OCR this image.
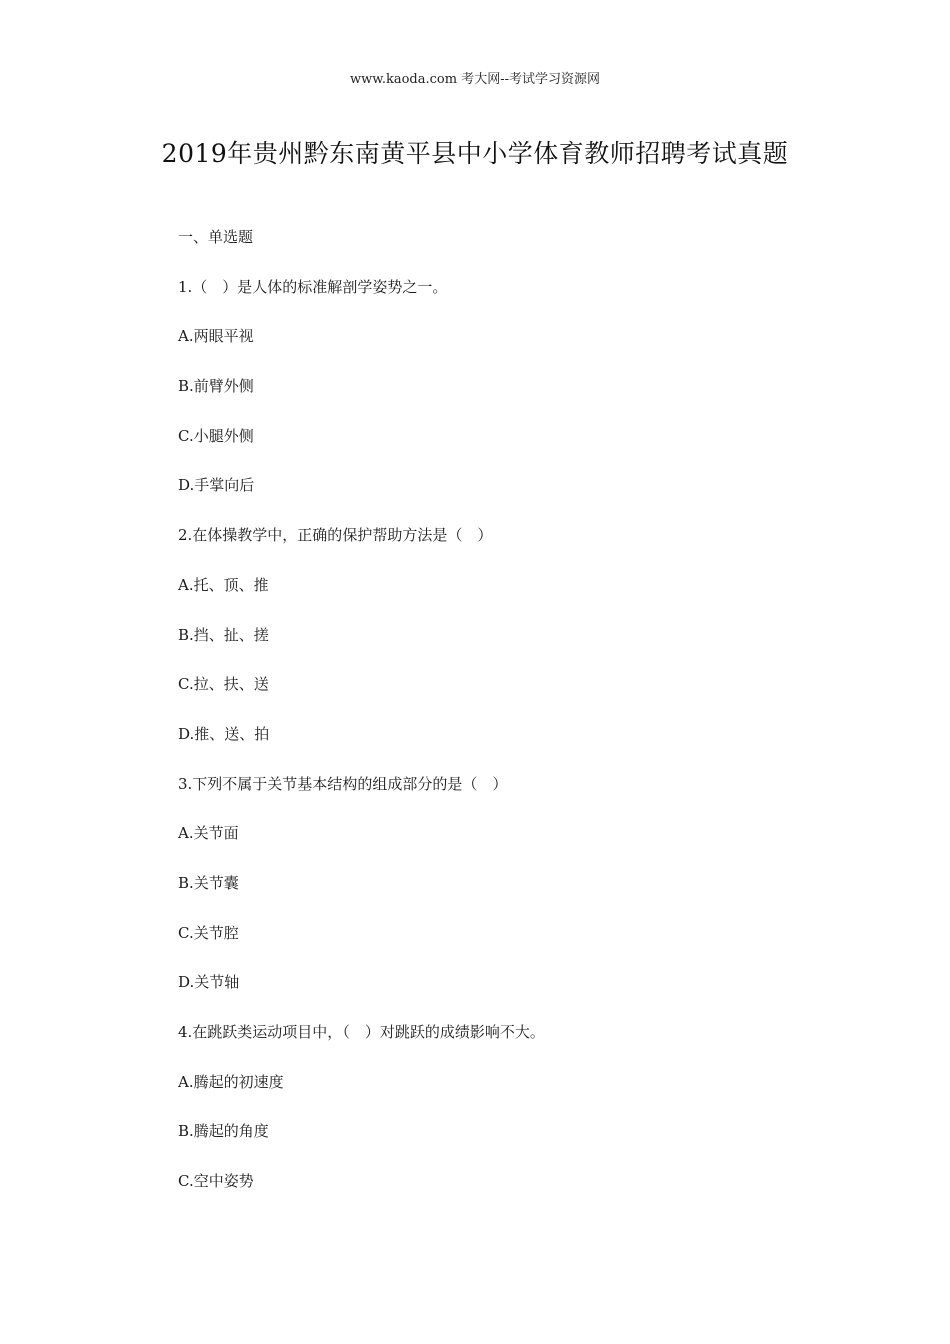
www.kaoda.com 考大网--考试学习资源网
2019年贵州黔东南黄平县中小学体育教师招聘考试真题
一、单选题
1.（　）是人体的标准解剖学姿势之一。
A.两眼平视
B.前臂外侧
C.小腿外侧
D.手掌向后
2.在体操教学中，正确的保护帮助方法是（　）
A.托、顶、推
B.挡、扯、搓
C.拉、扶、送
D.推、送、拍
3.下列不属于关节基本结构的组成部分的是（　）
A.关节面
B.关节囊
C.关节腔
D.关节轴
4.在跳跃类运动项目中，（　）对跳跃的成绩影响不大。
A.腾起的初速度
B.腾起的角度
C.空中姿势
